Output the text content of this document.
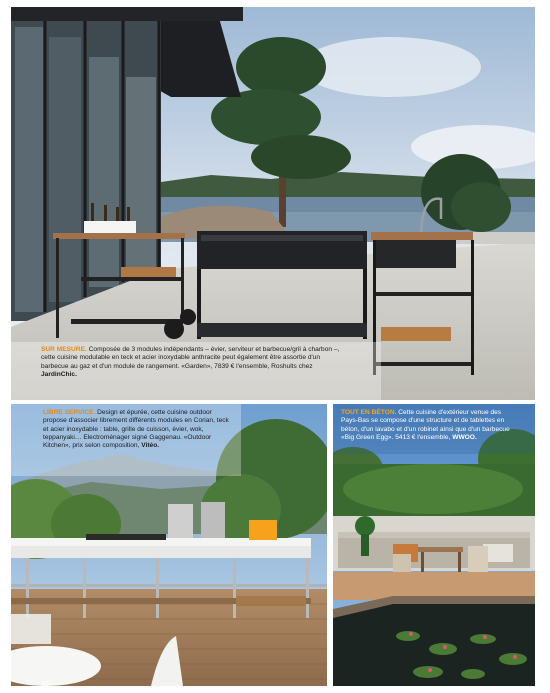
SUR MESURE. Composée de 3 modules indépendants – évier, serviteur et barbecue/gril à charbon –, cette cuisine modulable en teck et acier inoxydable anthracite peut également être assortie d'un barbecue au gaz et d'un module de rangement. «Garden», 7839 € l'ensemble, Roshults chez JardinChic.
LIBRE SERVICE. Design et épurée, cette cuisine outdoor propose d'associer librement différents modules en Corian, teck et acier inoxydable : table, grille de cuisson, évier, wok, teppanyaki… Electroménager signé Gaggenau. «Outdoor Kitchen», prix selon composition, Vitéo.
80
TOUT EN BÉTON. Cette cuisine d'extérieur venue des Pays-Bas se compose d'une structure et de tablettes en béton, d'un lavabo et d'un robinet ainsi que d'un barbecue «Big Green Egg». 5413 € l'ensemble, WWOO.
